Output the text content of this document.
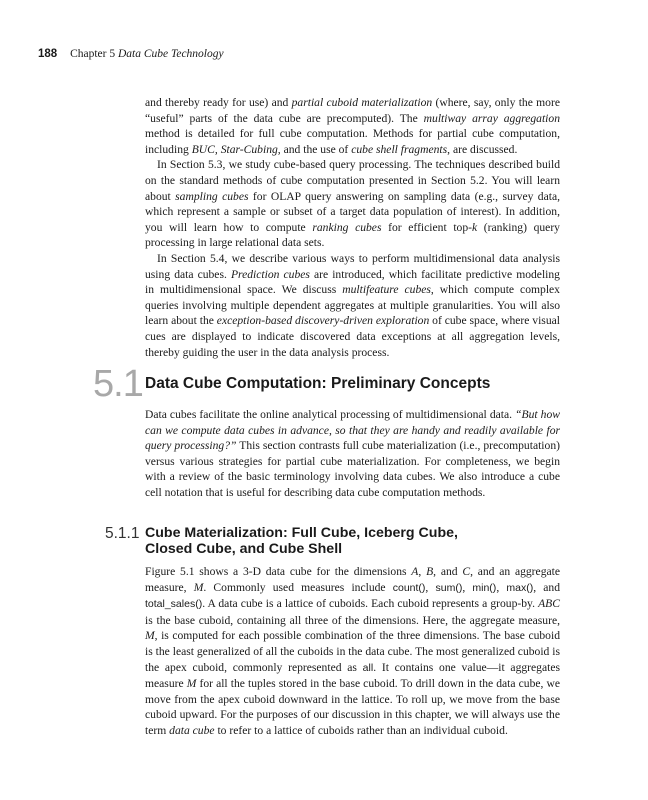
188 Chapter 5 Data Cube Technology

and thereby ready for use) and partial cuboid materialization (where, say, only the more “useful” parts of the data cube are precomputed). The multiway array aggregation method is detailed for full cube computation. Methods for partial cube computation, including BUC, Star-Cubing, and the use of cube shell fragments, are discussed.

In Section 5.3, we study cube-based query processing. The techniques described build on the standard methods of cube computation presented in Section 5.2. You will learn about sampling cubes for OLAP query answering on sampling data (e.g., survey data, which represent a sample or subset of a target data population of interest). In addition, you will learn how to compute ranking cubes for efficient top-k (ranking) query processing in large relational data sets.

In Section 5.4, we describe various ways to perform multidimensional data analysis using data cubes. Prediction cubes are introduced, which facilitate predictive modeling in multidimensional space. We discuss multifeature cubes, which compute complex queries involving multiple dependent aggregates at multiple granularities. You will also learn about the exception-based discovery-driven exploration of cube space, where visual cues are displayed to indicate discovered data exceptions at all aggregation levels, thereby guiding the user in the data analysis process.

5.1 Data Cube Computation: Preliminary Concepts

Data cubes facilitate the online analytical processing of multidimensional data. “But how can we compute data cubes in advance, so that they are handy and readily available for query processing?” This section contrasts full cube materialization (i.e., precomputation) versus various strategies for partial cube materialization. For completeness, we begin with a review of the basic terminology involving data cubes. We also introduce a cube cell notation that is useful for describing data cube computation methods.

5.1.1 Cube Materialization: Full Cube, Iceberg Cube,
Closed Cube, and Cube Shell

Figure 5.1 shows a 3-D data cube for the dimensions A, B, and C, and an aggregate measure, M. Commonly used measures include count(), sum(), min(), max(), and total_sales(). A data cube is a lattice of cuboids. Each cuboid represents a group-by. ABC is the base cuboid, containing all three of the dimensions. Here, the aggregate measure, M, is computed for each possible combination of the three dimensions. The base cuboid is the least generalized of all the cuboids in the data cube. The most generalized cuboid is the apex cuboid, commonly represented as all. It contains one value—it aggregates measure M for all the tuples stored in the base cuboid. To drill down in the data cube, we move from the apex cuboid downward in the lattice. To roll up, we move from the base cuboid upward. For the purposes of our discussion in this chapter, we will always use the term data cube to refer to a lattice of cuboids rather than an individual cuboid.
